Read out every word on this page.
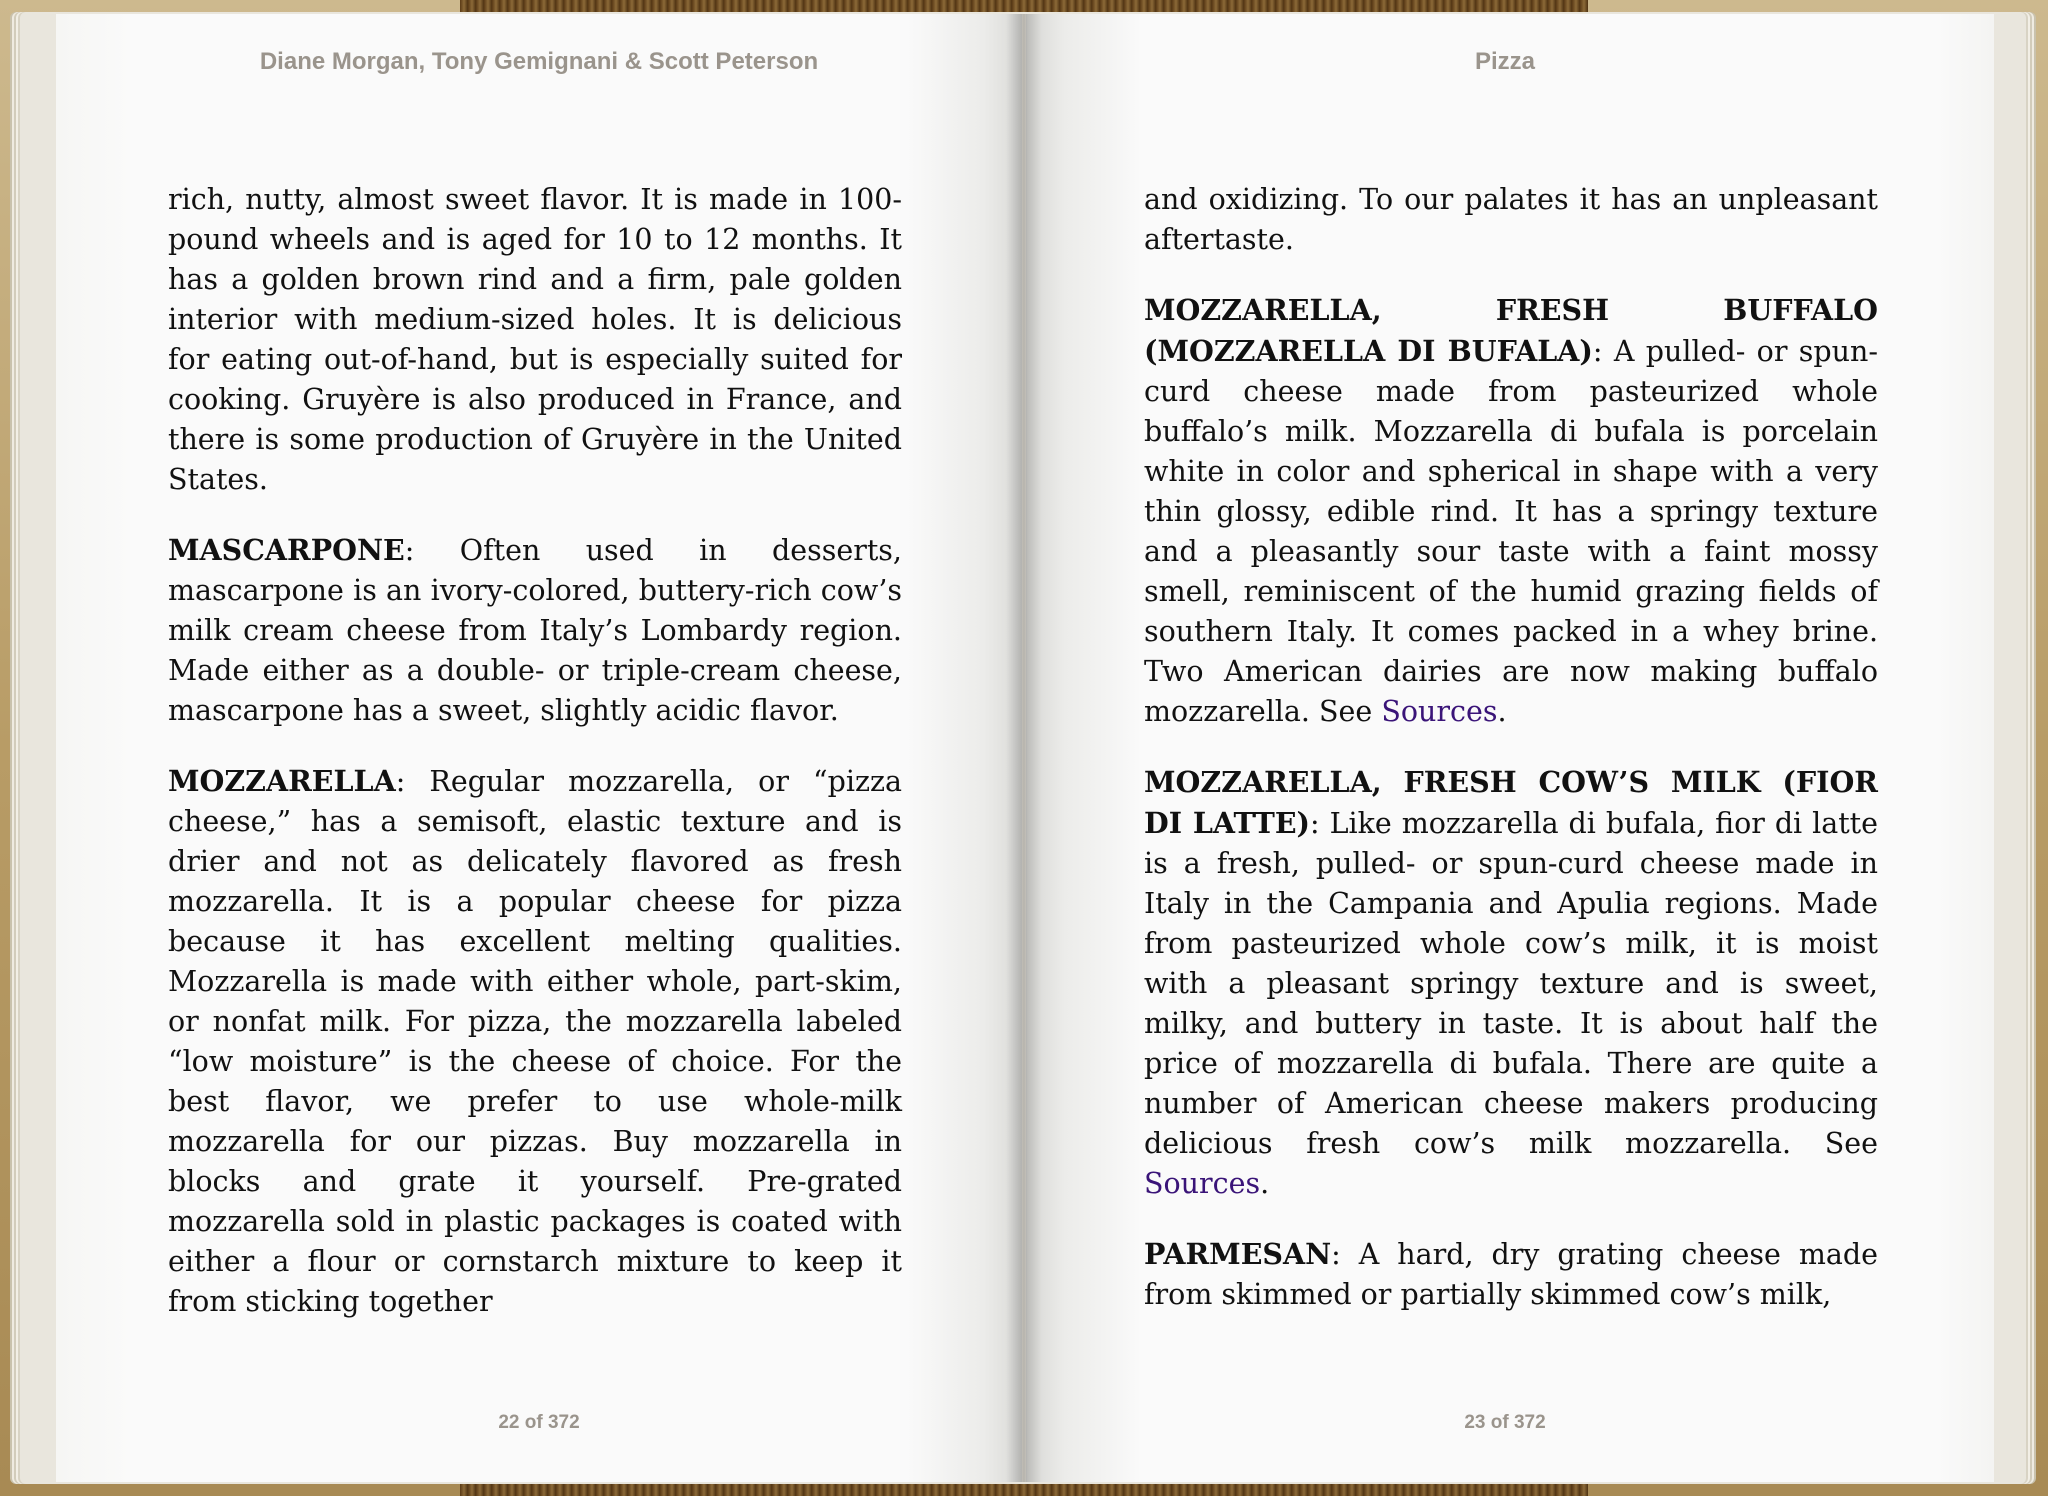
Diane Morgan, Tony Gemignani & Scott Peterson	Pizza

rich, nutty, almost sweet flavor. It is made in 100-pound wheels and is aged for 10 to 12 months. It has a golden brown rind and a firm, pale golden interior with medium-sized holes. It is delicious for eating out-of-hand, but is especially suited for cooking. Gruyère is also produced in France, and there is some production of Gruyère in the United States.

MASCARPONE: Often used in desserts, mascarpone is an ivory-colored, buttery-rich cow’s milk cream cheese from Italy’s Lombardy region. Made either as a double- or triple-cream cheese, mascarpone has a sweet, slightly acidic flavor.

MOZZARELLA: Regular mozzarella, or “pizza cheese,” has a semisoft, elastic texture and is drier and not as delicately flavored as fresh mozzarella. It is a popular cheese for pizza because it has excellent melting qualities. Mozzarella is made with either whole, part-skim, or nonfat milk. For pizza, the mozzarella labeled “low moisture” is the cheese of choice. For the best flavor, we prefer to use whole-milk mozzarella for our pizzas. Buy mozzarella in blocks and grate it yourself. Pre-grated mozzarella sold in plastic packages is coated with either a flour or cornstarch mixture to keep it from sticking together

and oxidizing. To our palates it has an unpleasant aftertaste.

MOZZARELLA, FRESH BUFFALO (MOZZARELLA DI BUFALA): A pulled- or spun-curd cheese made from pasteurized whole buffalo’s milk. Mozzarella di bufala is porcelain white in color and spherical in shape with a very thin glossy, edible rind. It has a springy texture and a pleasantly sour taste with a faint mossy smell, reminiscent of the humid grazing fields of southern Italy. It comes packed in a whey brine. Two American dairies are now making buffalo mozzarella. See Sources.

MOZZARELLA, FRESH COW’S MILK (FIOR DI LATTE): Like mozzarella di bufala, fior di latte is a fresh, pulled- or spun-curd cheese made in Italy in the Campania and Apulia regions. Made from pasteurized whole cow’s milk, it is moist with a pleasant springy texture and is sweet, milky, and buttery in taste. It is about half the price of mozzarella di bufala. There are quite a number of American cheese makers producing delicious fresh cow’s milk mozzarella. See Sources.

PARMESAN: A hard, dry grating cheese made from skimmed or partially skimmed cow’s milk,

22 of 372	23 of 372
